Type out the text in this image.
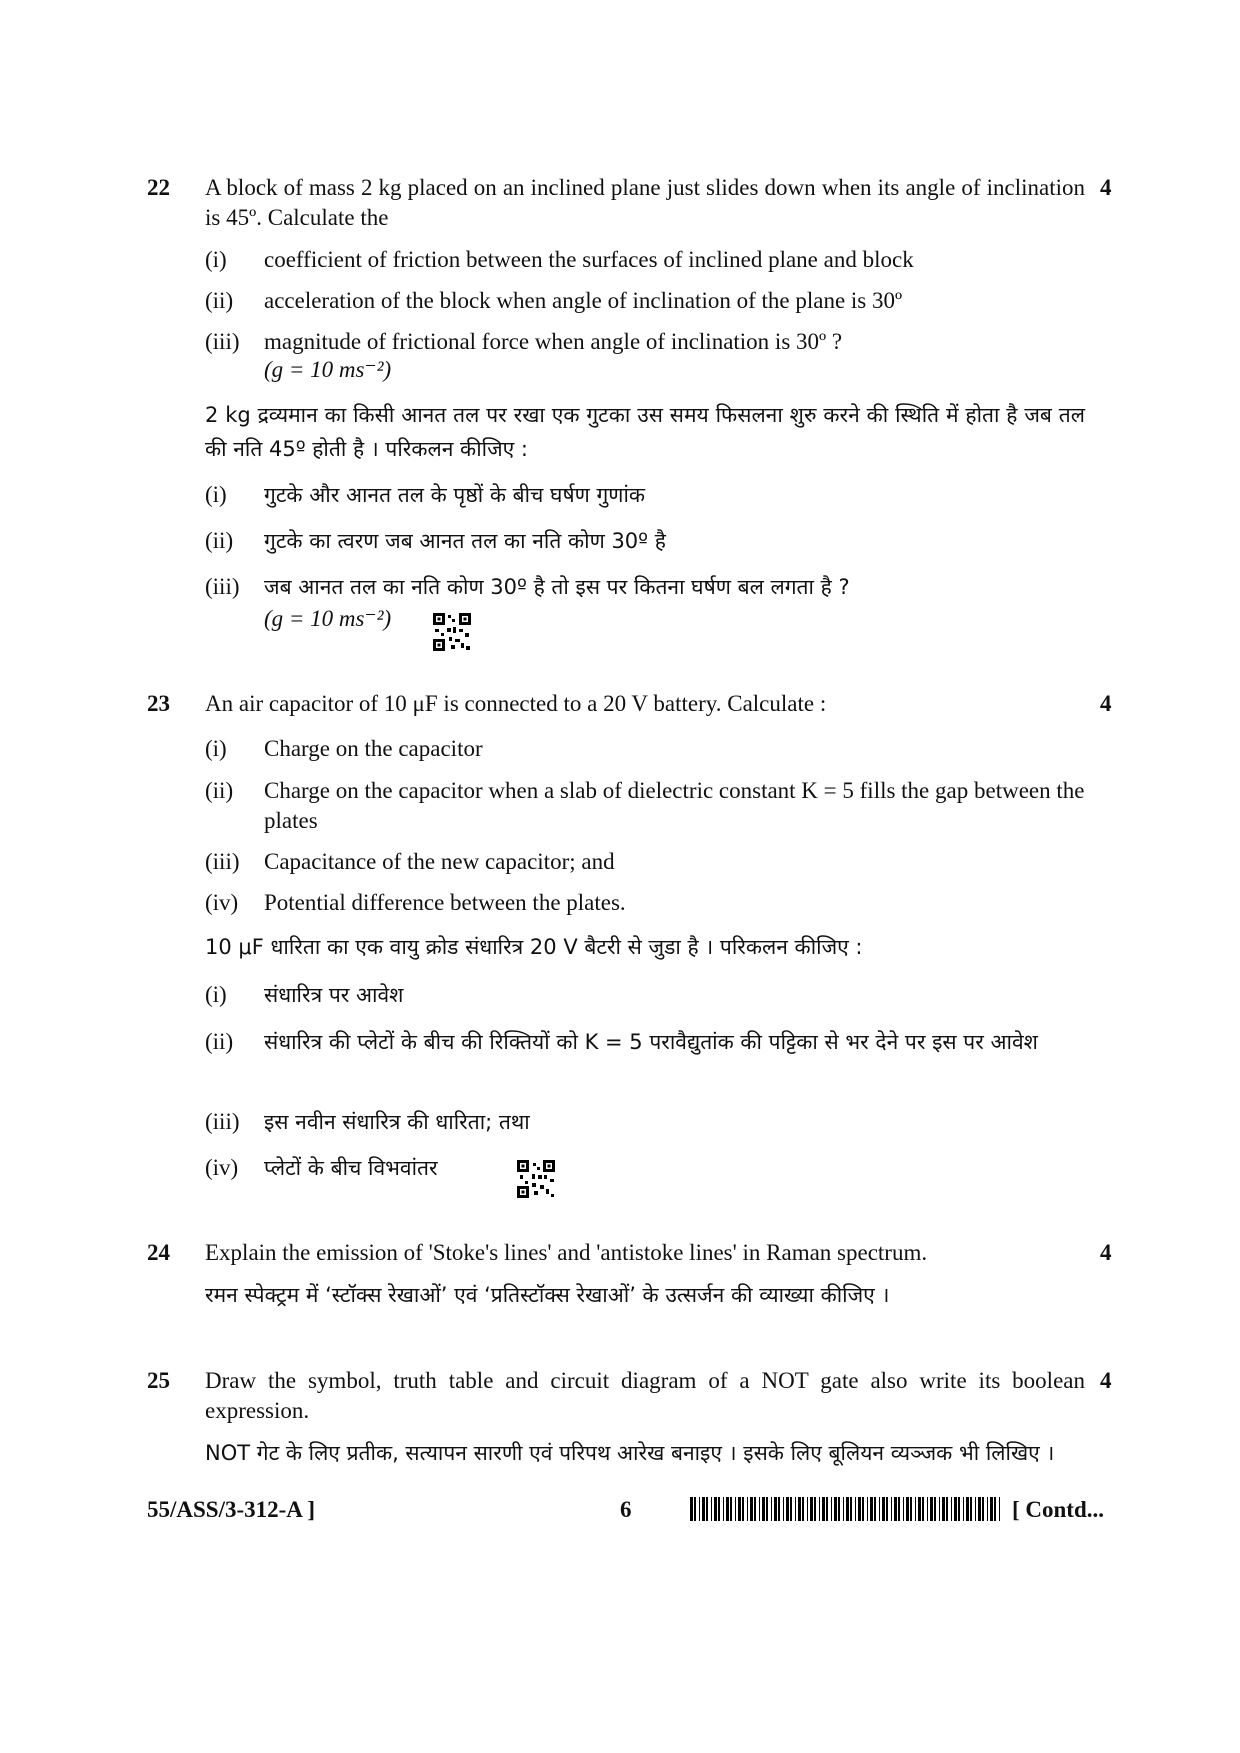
22	4
A block of mass 2 kg placed on an inclined plane just slides down when its angle of inclination is 45º. Calculate the
(i) coefficient of friction between the surfaces of inclined plane and block
(ii) acceleration of the block when angle of inclination of the plane is 30º
(iii) magnitude of frictional force when angle of inclination is 30º ?
(g = 10 ms⁻²)
2 kg द्रव्यमान का किसी आनत तल पर रखा एक गुटका उस समय फिसलना शुरु करने की स्थिति में होता है जब तल की नति 45º होती है । परिकलन कीजिए :
(i) गुटके और आनत तल के पृष्ठों के बीच घर्षण गुणांक
(ii) गुटके का त्वरण जब आनत तल का नति कोण 30º है
(iii) जब आनत तल का नति कोण 30º है तो इस पर कितना घर्षण बल लगता है ?
(g = 10 ms⁻²)
23	4
An air capacitor of 10 μF is connected to a 20 V battery. Calculate :
(i) Charge on the capacitor
(ii) Charge on the capacitor when a slab of dielectric constant K = 5 fills the gap between the plates
(iii) Capacitance of the new capacitor; and
(iv) Potential difference between the plates.
10 μF धारिता का एक वायु क्रोड संधारित्र 20 V बैटरी से जुडा है । परिकलन कीजिए :
(i) संधारित्र पर आवेश
(ii) संधारित्र की प्लेटों के बीच की रिक्तियों को K = 5 परावैद्युतांक की पट्टिका से भर देने पर इस पर आवेश
(iii) इस नवीन संधारित्र की धारिता; तथा
(iv) प्लेटों के बीच विभवांतर
24	4
Explain the emission of 'Stoke's lines' and 'antistoke lines' in Raman spectrum.
रमन स्पेक्ट्रम में ‘स्टॉक्स रेखाओं’ एवं ‘प्रतिस्टॉक्स रेखाओं’ के उत्सर्जन की व्याख्या कीजिए ।
25	4
Draw the symbol, truth table and circuit diagram of a NOT gate also write its boolean expression.
NOT गेट के लिए प्रतीक, सत्यापन सारणी एवं परिपथ आरेख बनाइए । इसके लिए बूलियन व्यञ्जक भी लिखिए ।
55/ASS/3-312-A ]	6	[ Contd...
